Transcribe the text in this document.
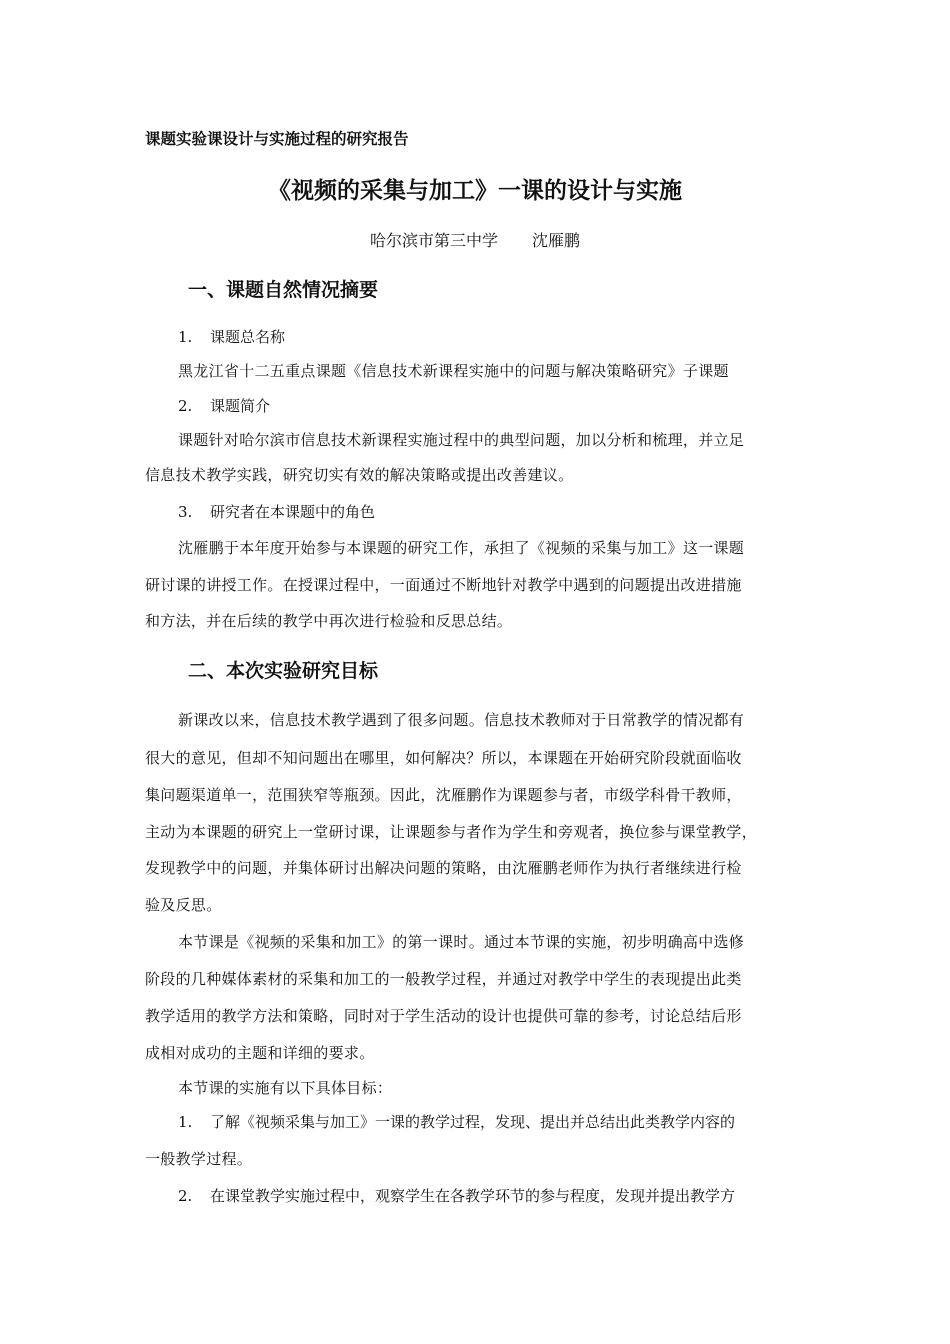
课题实验课设计与实施过程的研究报告
《视频的采集与加工》一课的设计与实施
哈尔滨市第三中学 沈雁鹏
一、课题自然情况摘要
1. 课题总名称
黑龙江省十二五重点课题《信息技术新课程实施中的问题与解决策略研究》子课题
2. 课题简介
课题针对哈尔滨市信息技术新课程实施过程中的典型问题，加以分析和梳理，并立足
信息技术教学实践，研究切实有效的解决策略或提出改善建议。
3. 研究者在本课题中的角色
沈雁鹏于本年度开始参与本课题的研究工作，承担了《视频的采集与加工》这一课题
研讨课的讲授工作。在授课过程中，一面通过不断地针对教学中遇到的问题提出改进措施
和方法，并在后续的教学中再次进行检验和反思总结。
二、本次实验研究目标
新课改以来，信息技术教学遇到了很多问题。信息技术教师对于日常教学的情况都有
很大的意见，但却不知问题出在哪里，如何解决？所以，本课题在开始研究阶段就面临收
集问题渠道单一，范围狭窄等瓶颈。因此，沈雁鹏作为课题参与者，市级学科骨干教师，
主动为本课题的研究上一堂研讨课，让课题参与者作为学生和旁观者，换位参与课堂教学，
发现教学中的问题，并集体研讨出解决问题的策略，由沈雁鹏老师作为执行者继续进行检
验及反思。
本节课是《视频的采集和加工》的第一课时。通过本节课的实施，初步明确高中选修
阶段的几种媒体素材的采集和加工的一般教学过程，并通过对教学中学生的表现提出此类
教学适用的教学方法和策略，同时对于学生活动的设计也提供可靠的参考，讨论总结后形
成相对成功的主题和详细的要求。
本节课的实施有以下具体目标：
1. 了解《视频采集与加工》一课的教学过程，发现、提出并总结出此类教学内容的
一般教学过程。
2. 在课堂教学实施过程中，观察学生在各教学环节的参与程度，发现并提出教学方
